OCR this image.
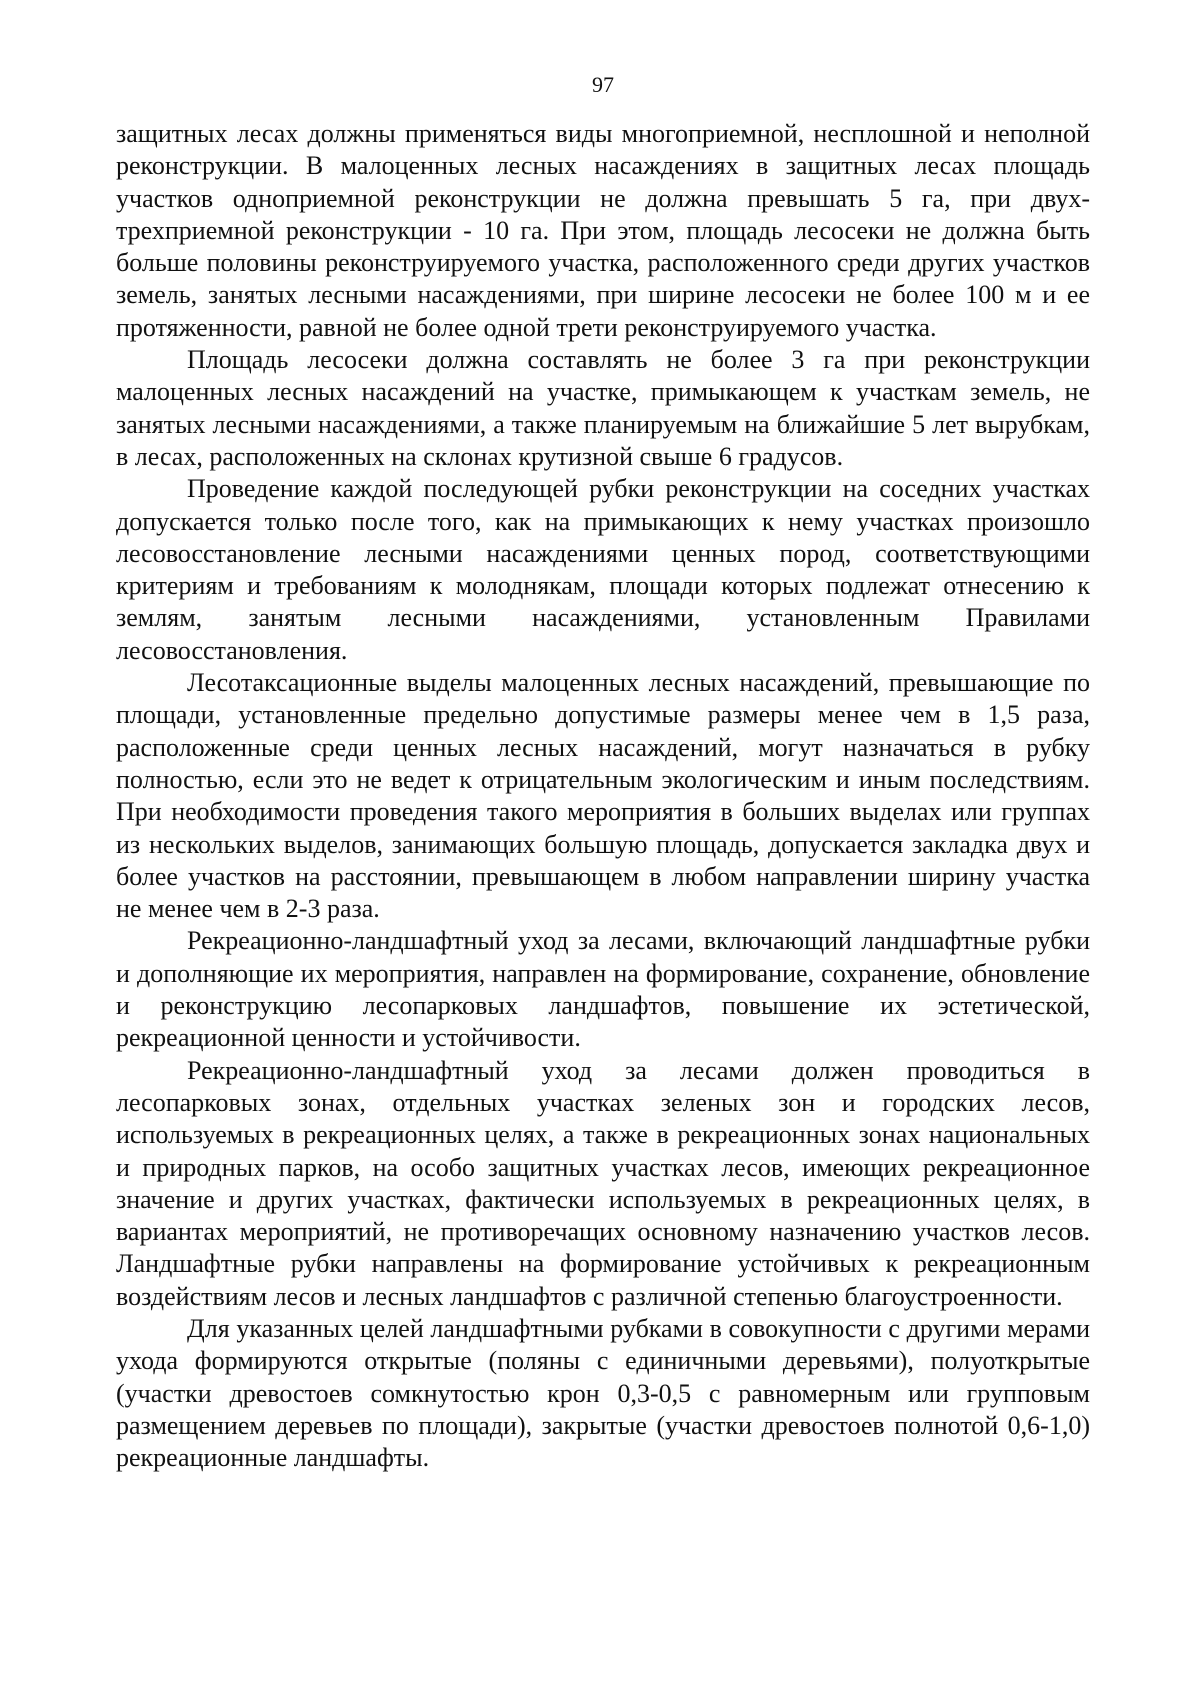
97

защитных лесах должны применяться виды многоприемной, несплошной и неполной реконструкции. В малоценных лесных насаждениях в защитных лесах площадь участков одноприемной реконструкции не должна превышать 5 га, при двух-трехприемной реконструкции - 10 га. При этом, площадь лесосеки не должна быть больше половины реконструируемого участка, расположенного среди других участков земель, занятых лесными насаждениями, при ширине лесосеки не более 100 м и ее протяженности, равной не более одной трети реконструируемого участка.

Площадь лесосеки должна составлять не более 3 га при реконструкции малоценных лесных насаждений на участке, примыкающем к участкам земель, не занятых лесными насаждениями, а также планируемым на ближайшие 5 лет вырубкам, в лесах, расположенных на склонах крутизной свыше 6 градусов.

Проведение каждой последующей рубки реконструкции на соседних участках допускается только после того, как на примыкающих к нему участках произошло лесовосстановление лесными насаждениями ценных пород, соответствующими критериям и требованиям к молоднякам, площади которых подлежат отнесению к землям, занятым лесными насаждениями, установленным Правилами лесовосстановления.

Лесотаксационные выделы малоценных лесных насаждений, превышающие по площади, установленные предельно допустимые размеры менее чем в 1,5 раза, расположенные среди ценных лесных насаждений, могут назначаться в рубку полностью, если это не ведет к отрицательным экологическим и иным последствиям. При необходимости проведения такого мероприятия в больших выделах или группах из нескольких выделов, занимающих большую площадь, допускается закладка двух и более участков на расстоянии, превышающем в любом направлении ширину участка не менее чем в 2-3 раза.

Рекреационно-ландшафтный уход за лесами, включающий ландшафтные рубки и дополняющие их мероприятия, направлен на формирование, сохранение, обновление и реконструкцию лесопарковых ландшафтов, повышение их эстетической, рекреационной ценности и устойчивости.

Рекреационно-ландшафтный уход за лесами должен проводиться в лесопарковых зонах, отдельных участках зеленых зон и городских лесов, используемых в рекреационных целях, а также в рекреационных зонах национальных и природных парков, на особо защитных участках лесов, имеющих рекреационное значение и других участках, фактически используемых в рекреационных целях, в вариантах мероприятий, не противоречащих основному назначению участков лесов. Ландшафтные рубки направлены на формирование устойчивых к рекреационным воздействиям лесов и лесных ландшафтов с различной степенью благоустроенности.

Для указанных целей ландшафтными рубками в совокупности с другими мерами ухода формируются открытые (поляны с единичными деревьями), полуоткрытые (участки древостоев сомкнутостью крон 0,3-0,5 с равномерным или групповым размещением деревьев по площади), закрытые (участки древостоев полнотой 0,6-1,0) рекреационные ландшафты.
